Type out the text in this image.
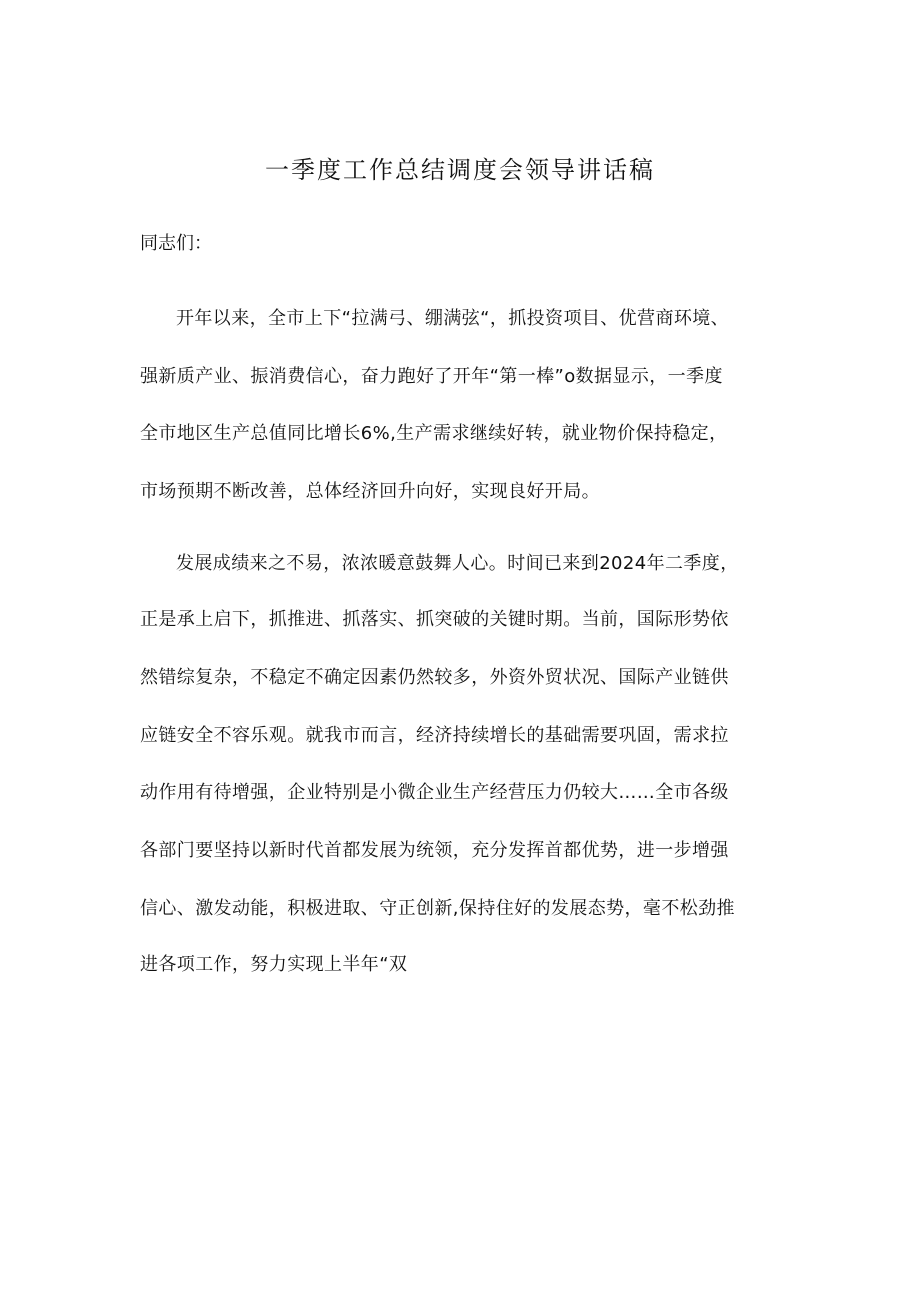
一季度工作总结调度会领导讲话稿
同志们：
开年以来，全市上下“拉满弓、绷满弦“，抓投资项目、优营商环境、
强新质产业、振消费信心，奋力跑好了开年“第一棒”o数据显示，一季度
全市地区生产总值同比增长6%,生产需求继续好转，就业物价保持稳定，
市场预期不断改善，总体经济回升向好，实现良好开局。
发展成绩来之不易，浓浓暖意鼓舞人心。时间已来到2024年二季度，
正是承上启下，抓推进、抓落实、抓突破的关键时期。当前，国际形势依
然错综复杂，不稳定不确定因素仍然较多，外资外贸状况、国际产业链供
应链安全不容乐观。就我市而言，经济持续增长的基础需要巩固，需求拉
动作用有待增强，企业特别是小微企业生产经营压力仍较大……全市各级
各部门要坚持以新时代首都发展为统领，充分发挥首都优势，进一步增强
信心、激发动能，积极进取、守正创新,保持住好的发展态势，毫不松劲推
进各项工作，努力实现上半年“双
